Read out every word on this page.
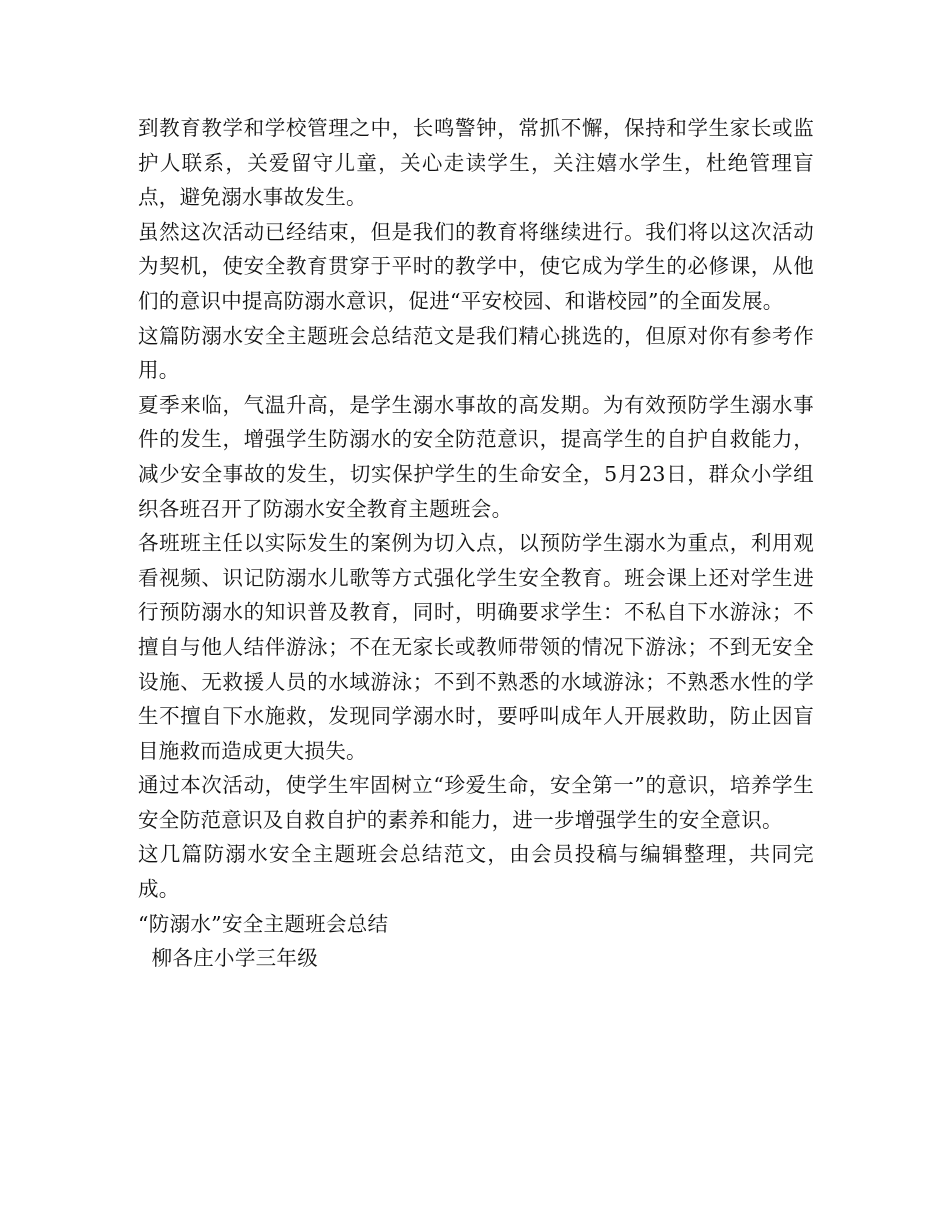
到教育教学和学校管理之中，长鸣警钟，常抓不懈，保持和学生家长或监护人联系，关爱留守儿童，关心走读学生，关注嬉水学生，杜绝管理盲点，避免溺水事故发生。

虽然这次活动已经结束，但是我们的教育将继续进行。我们将以这次活动为契机，使安全教育贯穿于平时的教学中，使它成为学生的必修课，从他们的意识中提高防溺水意识，促进“平安校园、和谐校园”的全面发展。

这篇防溺水安全主题班会总结范文是我们精心挑选的，但原对你有参考作用。

夏季来临，气温升高，是学生溺水事故的高发期。为有效预防学生溺水事件的发生，增强学生防溺水的安全防范意识，提高学生的自护自救能力，减少安全事故的发生，切实保护学生的生命安全，5月23日，群众小学组织各班召开了防溺水安全教育主题班会。

各班班主任以实际发生的案例为切入点，以预防学生溺水为重点，利用观看视频、识记防溺水儿歌等方式强化学生安全教育。班会课上还对学生进行预防溺水的知识普及教育，同时，明确要求学生：不私自下水游泳；不擅自与他人结伴游泳；不在无家长或教师带领的情况下游泳；不到无安全设施、无救援人员的水域游泳；不到不熟悉的水域游泳；不熟悉水性的学生不擅自下水施救，发现同学溺水时，要呼叫成年人开展救助，防止因盲目施救而造成更大损失。

通过本次活动，使学生牢固树立“珍爱生命，安全第一”的意识，培养学生安全防范意识及自救自护的素养和能力，进一步增强学生的安全意识。

这几篇防溺水安全主题班会总结范文，由会员投稿与编辑整理，共同完成。

“防溺水”安全主题班会总结

柳各庄小学三年级
